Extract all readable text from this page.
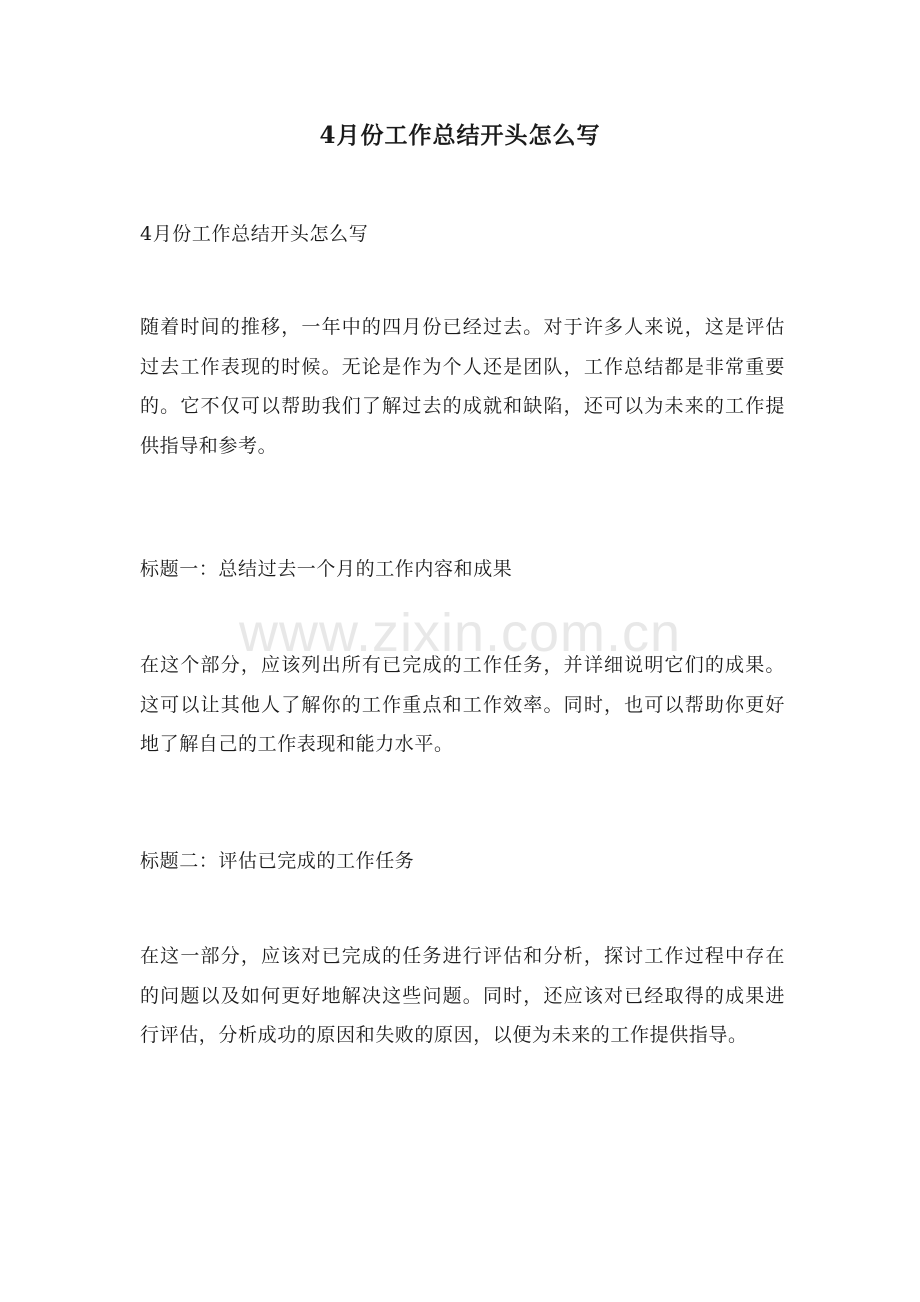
4月份工作总结开头怎么写
4月份工作总结开头怎么写
随着时间的推移，一年中的四月份已经过去。对于许多人来说，这是评估过去工作表现的时候。无论是作为个人还是团队，工作总结都是非常重要的。它不仅可以帮助我们了解过去的成就和缺陷，还可以为未来的工作提供指导和参考。
标题一：总结过去一个月的工作内容和成果
www.zixin.com.cn
在这个部分，应该列出所有已完成的工作任务，并详细说明它们的成果。这可以让其他人了解你的工作重点和工作效率。同时，也可以帮助你更好地了解自己的工作表现和能力水平。
标题二：评估已完成的工作任务
在这一部分，应该对已完成的任务进行评估和分析，探讨工作过程中存在的问题以及如何更好地解决这些问题。同时，还应该对已经取得的成果进行评估，分析成功的原因和失败的原因，以便为未来的工作提供指导。
